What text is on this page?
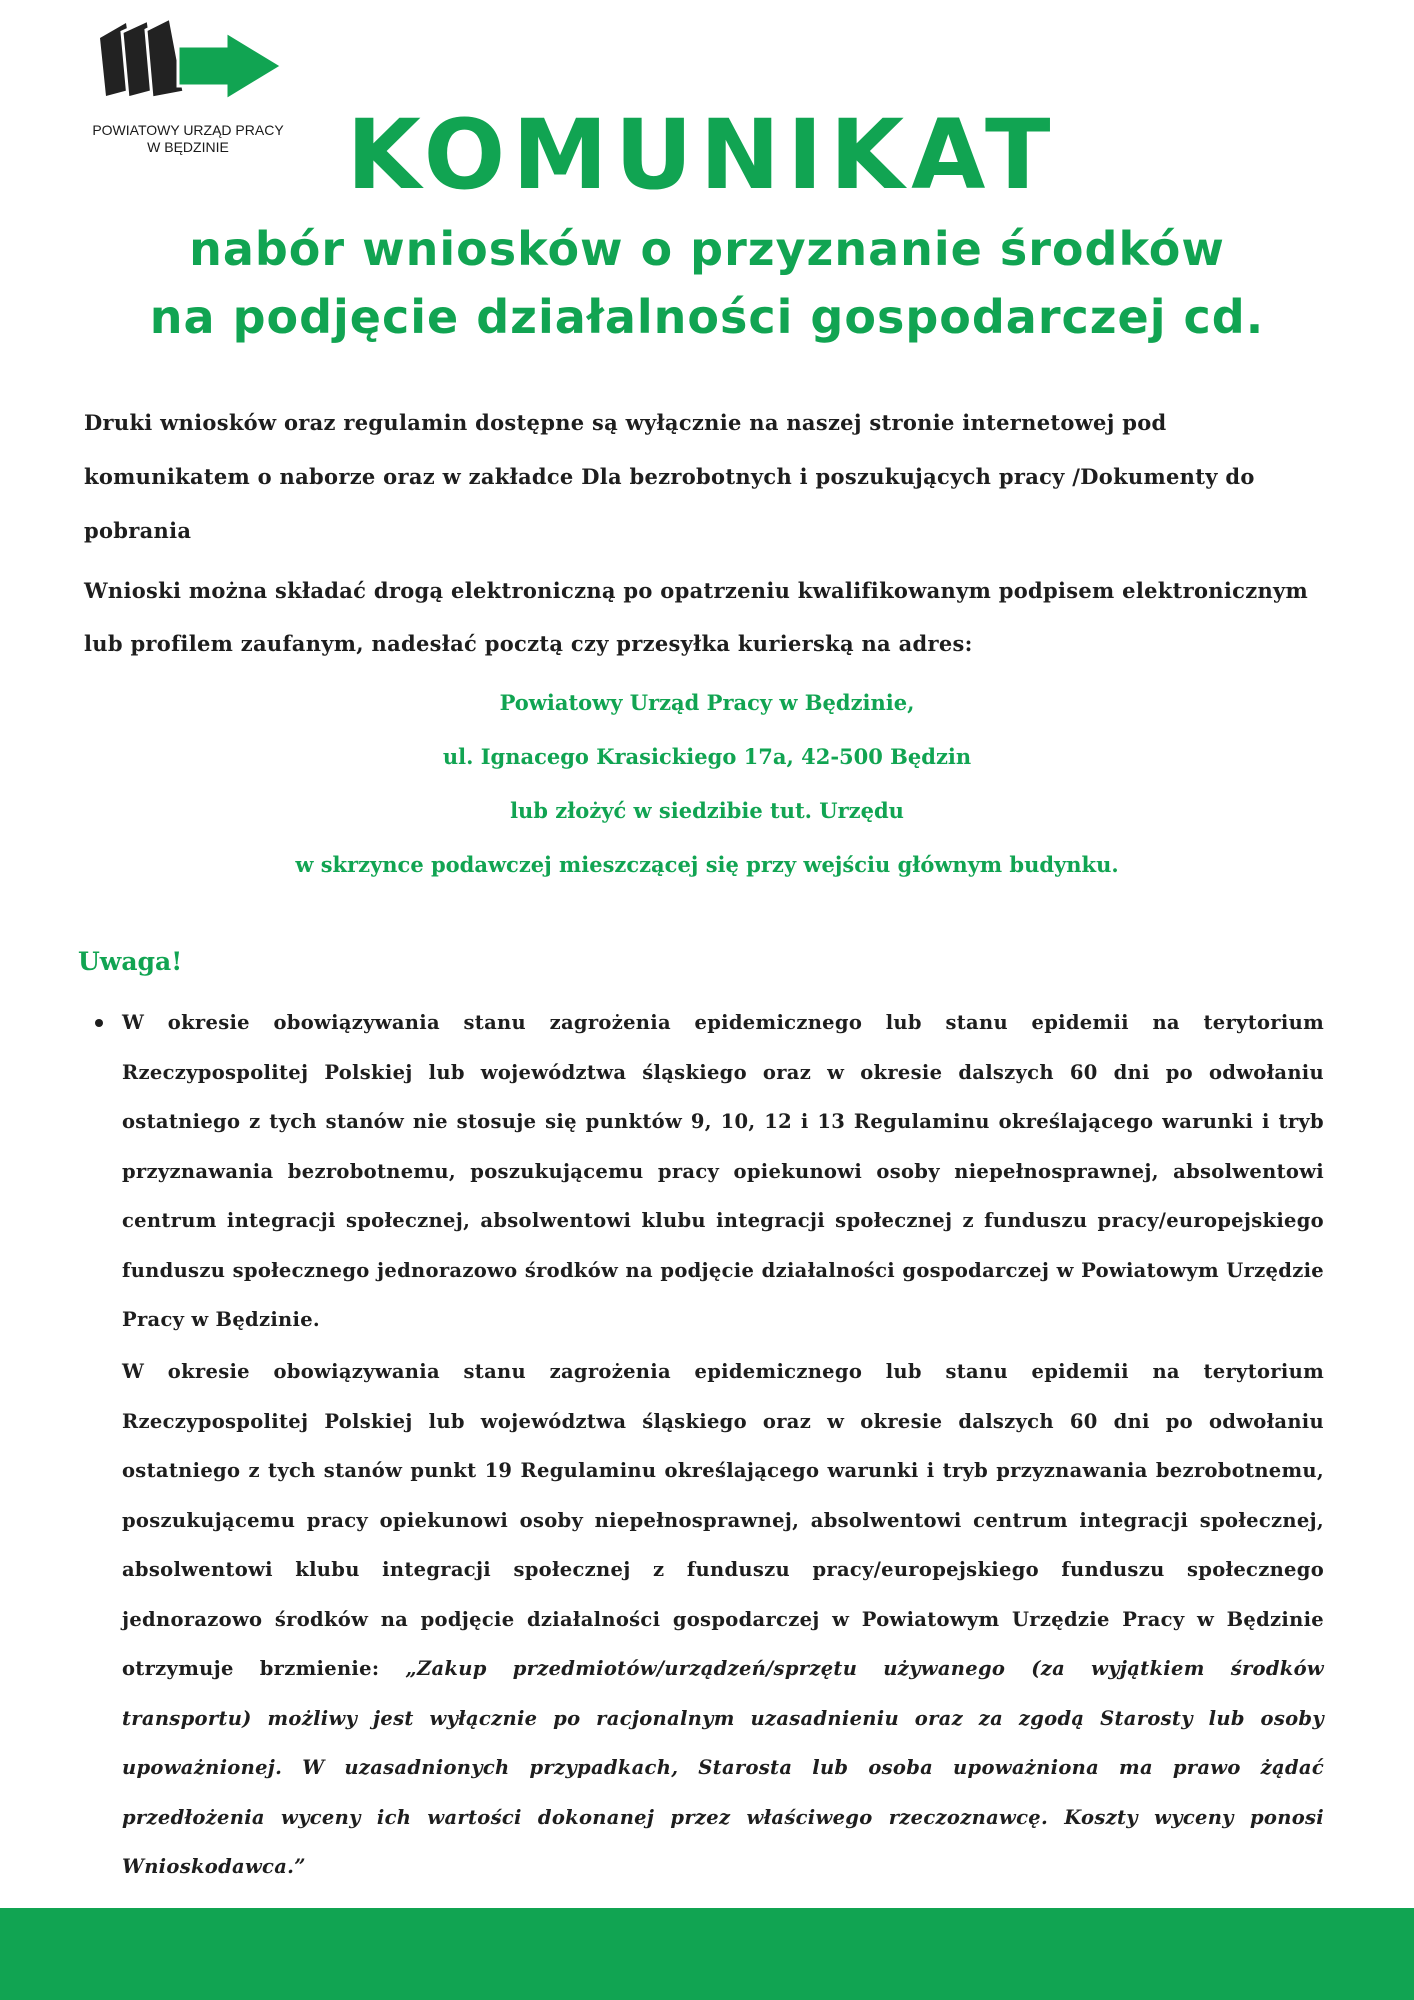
POWIATOWY URZĄD PRACY
W BĘDZINIE	KOMUNIKAT
nabór wniosków o przyznanie środków
na podjęcie działalności gospodarczej cd.

Druki wniosków oraz regulamin dostępne są wyłącznie na naszej stronie internetowej pod komunikatem o naborze oraz w zakładce Dla bezrobotnych i poszukujących pracy /Dokumenty do pobrania

Wnioski można składać drogą elektroniczną po opatrzeniu kwalifikowanym podpisem elektronicznym lub profilem zaufanym, nadesłać pocztą czy przesyłka kurierską na adres:

Powiatowy Urząd Pracy w Będzinie,
ul. Ignacego Krasickiego 17a, 42-500 Będzin
lub złożyć w siedzibie tut. Urzędu
w skrzynce podawczej mieszczącej się przy wejściu głównym budynku.
Uwaga!

W okresie obowiązywania stanu zagrożenia epidemicznego lub stanu epidemii na terytorium Rzeczypospolitej Polskiej lub województwa śląskiego oraz w okresie dalszych 60 dni po odwołaniu ostatniego z tych stanów nie stosuje się punktów 9, 10, 12 i 13 Regulaminu określającego warunki i tryb przyznawania bezrobotnemu, poszukującemu pracy opiekunowi osoby niepełnosprawnej, absolwentowi centrum integracji społecznej, absolwentowi klubu integracji społecznej z funduszu pracy/europejskiego funduszu społecznego jednorazowo środków na podjęcie działalności gospodarczej w Powiatowym Urzędzie Pracy w Będzinie.

W okresie obowiązywania stanu zagrożenia epidemicznego lub stanu epidemii na terytorium Rzeczypospolitej Polskiej lub województwa śląskiego oraz w okresie dalszych 60 dni po odwołaniu ostatniego z tych stanów punkt 19 Regulaminu określającego warunki i tryb przyznawania bezrobotnemu, poszukującemu pracy opiekunowi osoby niepełnosprawnej, absolwentowi centrum integracji społecznej, absolwentowi klubu integracji społecznej z funduszu pracy/europejskiego funduszu społecznego jednorazowo środków na podjęcie działalności gospodarczej w Powiatowym Urzędzie Pracy w Będzinie otrzymuje brzmienie: „Zakup przedmiotów/urządzeń/sprzętu używanego (za wyjątkiem środków transportu) możliwy jest wyłącznie po racjonalnym uzasadnieniu oraz za zgodą Starosty lub osoby upoważnionej. W uzasadnionych przypadkach, Starosta lub osoba upoważniona ma prawo żądać przedłożenia wyceny ich wartości dokonanej przez właściwego rzeczoznawcę. Koszty wyceny ponosi Wnioskodawca.”
